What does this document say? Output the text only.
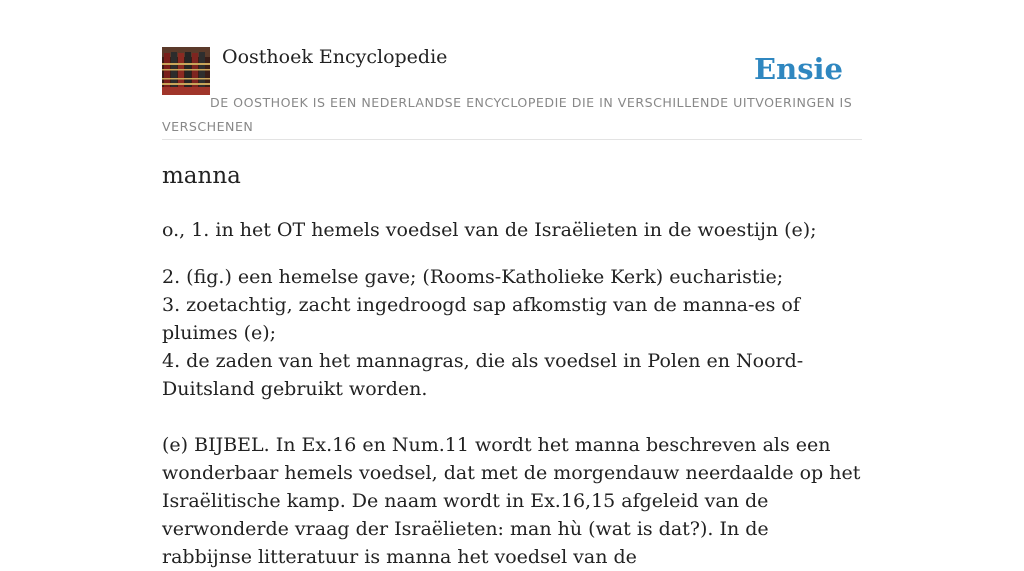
Oosthoek Encyclopedie	Ensie
DE OOSTHOEK IS EEN NEDERLANDSE ENCYCLOPEDIE DIE IN VERSCHILLENDE UITVOERINGEN IS VERSCHENEN
manna

o., 1. in het OT hemels voedsel van de Israëlieten in de woestijn (e);

2. (fig.) een hemelse gave; (Rooms-Katholieke Kerk) eucharistie;
3. zoetachtig, zacht ingedroogd sap afkomstig van de manna-es of pluimes (e);
4. de zaden van het mannagras, die als voedsel in Polen en Noord-Duitsland gebruikt worden.

(e) BIJBEL. In Ex.16 en Num.11 wordt het manna beschreven als een wonderbaar hemels voedsel, dat met de morgendauw neerdaalde op het Israëlitische kamp. De naam wordt in Ex.16,15 afgeleid van de verwonderde vraag der Israëlieten: man hù (wat is dat?). In de rabbijnse litteratuur is manna het voedsel van de
